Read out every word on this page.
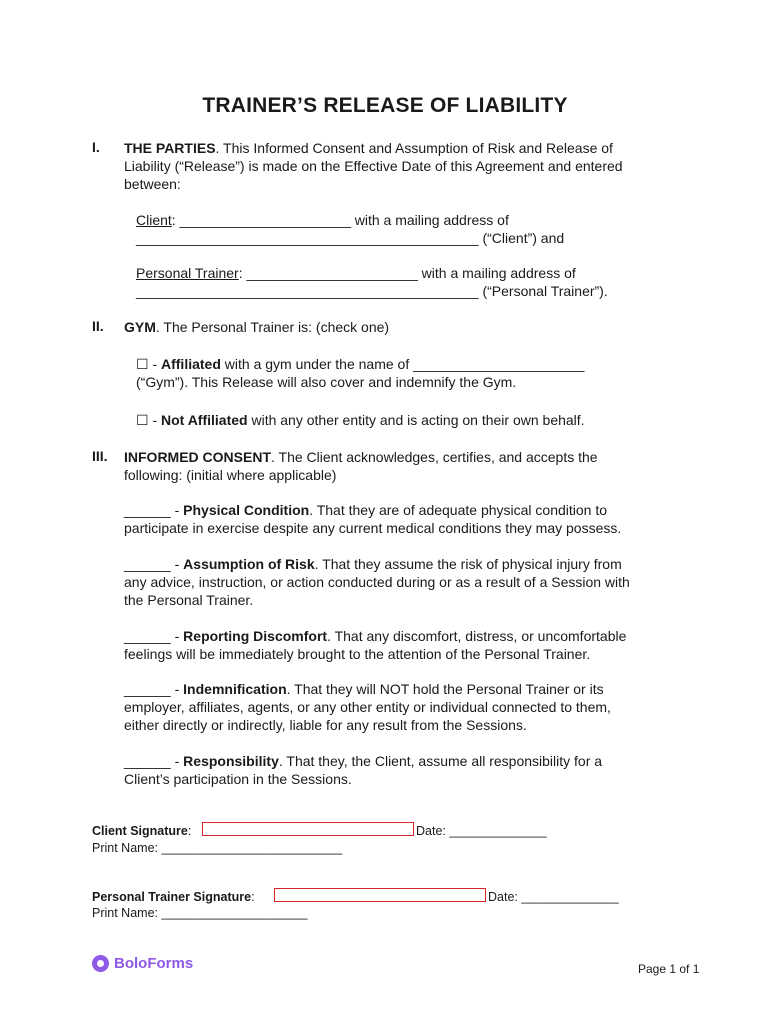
TRAINER’S RELEASE OF LIABILITY
I. THE PARTIES. This Informed Consent and Assumption of Risk and Release of
Liability (“Release”) is made on the Effective Date of this Agreement and entered
between:
Client: ______________________ with a mailing address of
____________________________________________ (“Client”) and
Personal Trainer: ______________________ with a mailing address of
____________________________________________ (“Personal Trainer”).
II. GYM. The Personal Trainer is: (check one)
☐ - Affiliated with a gym under the name of ______________________
(“Gym”). This Release will also cover and indemnify the Gym.
☐ - Not Affiliated with any other entity and is acting on their own behalf.
III. INFORMED CONSENT. The Client acknowledges, certifies, and accepts the
following: (initial where applicable)
______ - Physical Condition. That they are of adequate physical condition to
participate in exercise despite any current medical conditions they may possess.
______ - Assumption of Risk. That they assume the risk of physical injury from
any advice, instruction, or action conducted during or as a result of a Session with
the Personal Trainer.
______ - Reporting Discomfort. That any discomfort, distress, or uncomfortable
feelings will be immediately brought to the attention of the Personal Trainer.
______ - Indemnification. That they will NOT hold the Personal Trainer or its
employer, affiliates, agents, or any other entity or individual connected to them,
either directly or indirectly, liable for any result from the Sessions.
______ - Responsibility. That they, the Client, assume all responsibility for a
Client’s participation in the Sessions.
Client Signature:	Date: ______________
Print Name: __________________________
Personal Trainer Signature:	Date: ______________
Print Name: _____________________
BoloForms	Page 1 of 1
